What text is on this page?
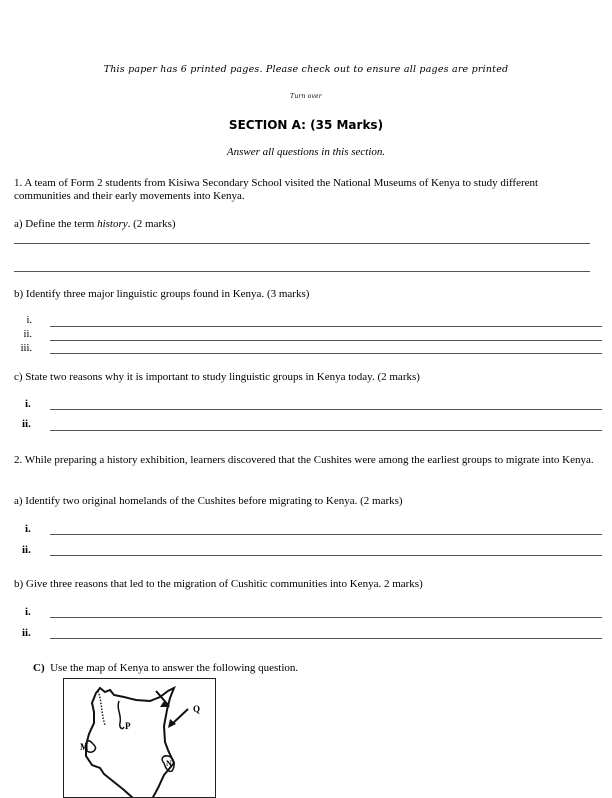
This paper has 6 printed pages. Please check out to ensure all pages are printed
Turn over
SECTION A: (35 Marks)
Answer all questions in this section.
1. A team of Form 2 students from Kisiwa Secondary School visited the National Museums of Kenya to study different communities and their early movements into Kenya.
a) Define the term history. (2 marks)
b) Identify three major linguistic groups found in Kenya. (3 marks)
i.
ii.
iii.
c) State two reasons why it is important to study linguistic groups in Kenya today. (2 marks)
i.
ii.
2. While preparing a history exhibition, learners discovered that the Cushites were among the earliest groups to migrate into Kenya.
a) Identify two original homelands of the Cushites before migrating to Kenya. (2 marks)
i.
ii.
b) Give three reasons that led to the migration of Cushitic communities into Kenya. 2 marks)
i.
ii.
C) Use the map of Kenya to answer the following question.
P
Q
M
N
